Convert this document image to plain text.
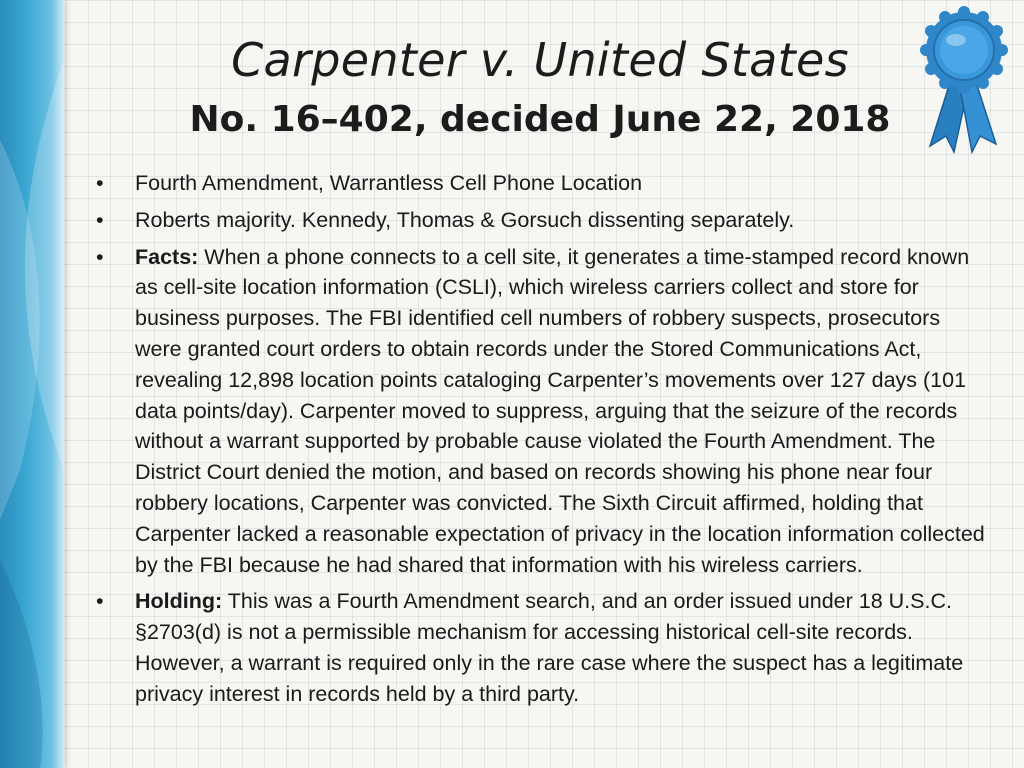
Carpenter v. United States
No. 16–402, decided June 22, 2018
• Fourth Amendment, Warrantless Cell Phone Location
• Roberts majority. Kennedy, Thomas & Gorsuch dissenting separately.
• Facts: When a phone connects to a cell site, it generates a time-stamped record known as cell-site location information (CSLI), which wireless carriers collect and store for business purposes. The FBI identified cell numbers of robbery suspects, prosecutors were granted court orders to obtain records under the Stored Communications Act, revealing 12,898 location points cataloging Carpenter’s movements over 127 days (101 data points/day). Carpenter moved to suppress, arguing that the seizure of the records without a warrant supported by probable cause violated the Fourth Amendment. The District Court denied the motion, and based on records showing his phone near four robbery locations, Carpenter was convicted. The Sixth Circuit affirmed, holding that Carpenter lacked a reasonable expectation of privacy in the location information collected by the FBI because he had shared that information with his wireless carriers.
• Holding: This was a Fourth Amendment search, and an order issued under 18 U.S.C. §2703(d) is not a permissible mechanism for accessing historical cell-site records. However, a warrant is required only in the rare case where the suspect has a legitimate privacy interest in records held by a third party.
